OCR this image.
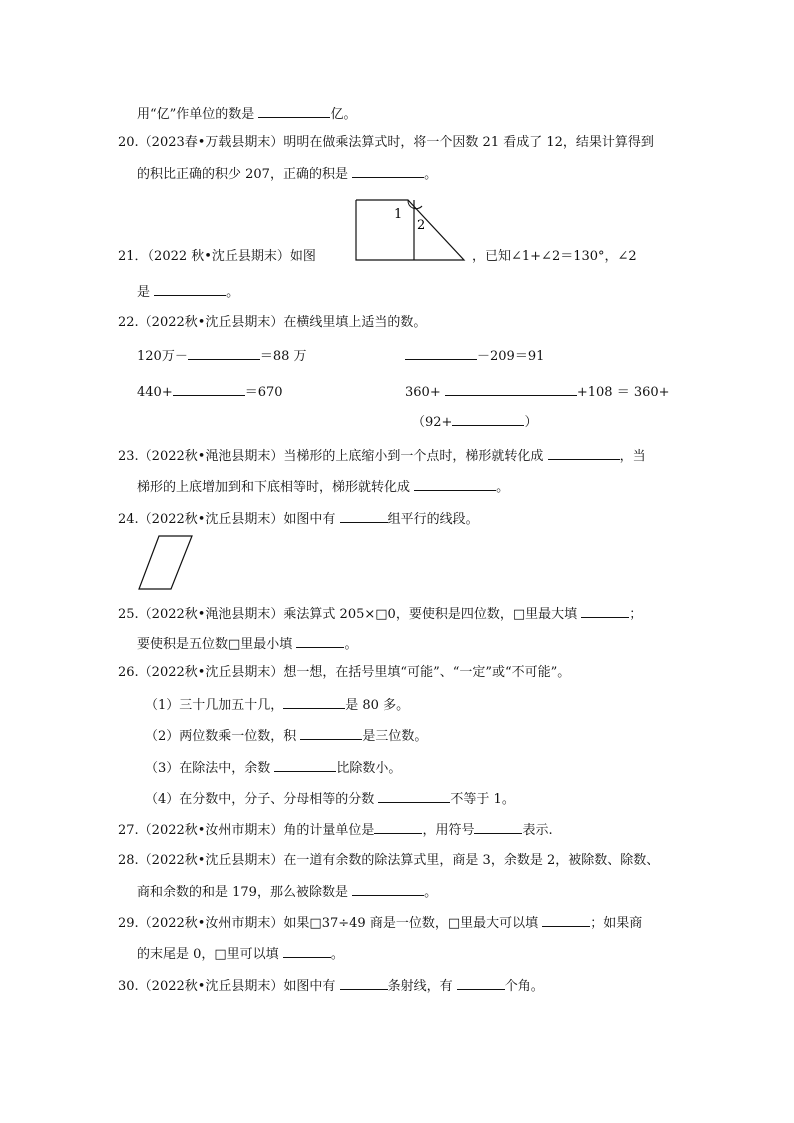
用“亿”作单位的数是	亿。
20.（2023春•万载县期末）明明在做乘法算式时，将一个因数 21 看成了 12，结果计算得到
的积比正确的积少 207，正确的积是	。
21．（2022 秋•沈丘县期末）如图
1
2
，已知∠1+∠2＝130°，∠2
是	。
22.（2022秋•沈丘县期末）在横线里填上适当的数。
120万－	＝88 万	－209＝91
440+	＝670	360+	+108 ＝ 360+
（92+	）
23.（2022秋•渑池县期末）当梯形的上底缩小到一个点时，梯形就转化成	，当
梯形的上底增加到和下底相等时，梯形就转化成	。
24.（2022秋•沈丘县期末）如图中有	组平行的线段。
25.（2022秋•渑池县期末）乘法算式 205×□0，要使积是四位数，□里最大填	；
要使积是五位数□里最小填	。
26.（2022秋•沈丘县期末）想一想，在括号里填“可能”、“一定”或“不可能”。
（1）三十几加五十几，	是 80 多。
（2）两位数乘一位数，积	是三位数。
（3）在除法中，余数	比除数小。
（4）在分数中，分子、分母相等的分数	不等于 1。
27.（2022秋•汝州市期末）角的计量单位是	，用符号	表示.
28.（2022秋•沈丘县期末）在一道有余数的除法算式里，商是 3，余数是 2，被除数、除数、
商和余数的和是 179，那么被除数是	。
29.（2022秋•汝州市期末）如果□37÷49 商是一位数，□里最大可以填	；如果商
的末尾是 0，□里可以填	。
30.（2022秋•沈丘县期末）如图中有	条射线，有	个角。
